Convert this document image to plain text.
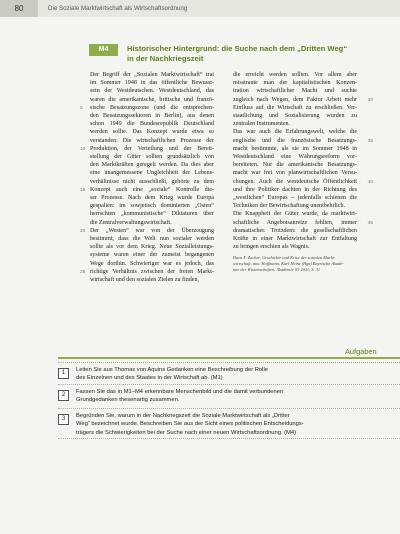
80	Die Soziale Marktwirtschaft als Wirtschaftsordnung
M4	Historischer Hintergrund: die Suche nach dem „Dritten Weg“
in der Nachkriegszeit
Der Begriff der „Sozialen Marktwirtschaft“ trat
im Sommer 1948 in das öffentliche Bewusst-
sein der Westdeutschen. Westdeutschland, das
waren die amerikanische, britische und franzö-
sische Besatzungszone (und die entsprechen-
den Besatzungssektoren in Berlin), aus denen
schon 1949 die Bundesrepublik Deutschland
werden sollte. Das Konzept wurde etwa so
verstanden: Die wirtschaftlichen Prozesse der
Produktion, der Verteilung und der Bereit-
stellung der Güter sollten grundsätzlich von
den Marktkräften geregelt werden. Da dies aber
eine unangemessene Ungleichheit der Lebens-
verhältnisse nicht ausschließt, gehörte zu dem
Konzept auch eine „soziale“ Kontrolle die-
ser Prozesse. Nach dem Krieg wurde Europa
gespalten: im sowjetisch dominierten „Osten“
herrschten „kommunistische“ Diktaturen über
die Zentralverwaltungswirtschaft.
Der „Westen“ war von der Überzeugung
bestimmt, dass die Welt nun sozialer werden
sollte als vor dem Krieg. Neue Sozialleistungs-
systeme waren einer der zumeist begangenen
Wege dorthin. Schwieriger war es jedoch, das
richtige Verhältnis zwischen der freien Markt-
wirtschaft und den sozialen Zielen zu finden,
5
10
15
20
25
die erreicht werden sollten. Vor allem aber
misstraute man der kapitalistischen Konzen-
tration wirtschaftlicher Macht und suchte
zugleich nach Wegen, dem Faktor Arbeit mehr
Einfluss auf die Wirtschaft zu erschließen. Ver-
staatlichung und Sozialisierung wurden zu
zentralen Instrumenten.
Das war auch die Erfahrungswelt, welche die
englische und die französische Besatzungs-
macht bestimmte, als sie im Sommer 1948 in
Westdeutschland eine Währungsreform vor-
bereiteten. Nur die amerikanische Besatzungs-
macht war frei von planwirtschaftlichen Versu-
chungen. Auch die westdeutsche Öffentlichkeit
und ihre Politiker dachten in der Richtung des
„westlichen“ Europas – jedenfalls schienen die
Techniken der Bewirtschaftung unentbehrlich.
Die Knappheit der Güter wurde, da marktwirt-
schaftliche Angebotsanreize fehlten, immer
dramatischer. Trotzdem: die gesellschaftlichen
Kräfte in einer Marktwirtschaft zur Entfaltung
zu bringen erschien als Wagnis.
30
35
40
45
Hans F. Zacher, Geschichte und Krise der sozialen Markt-
wirtschaft, aus: Hoffmann, Karl Heinz (Hgs) Bayrische Akade-
mie der Wissenschaften, Akademie 03-2011, S. 31
Aufgaben
1	Leiten Sie aus Thomas von Aquins Gedanken eine Beschreibung der Rolle
des Einzelnen und des Staates in der Wirtschaft ab. (M1)
2	Fassen Sie das in M1–M4 erkennbare Menschenbild und die damit verbundenen
Grundgedanken thesenartig zusammen.
3	Begründen Sie, warum in der Nachkriegszeit die Soziale Marktwirtschaft als „Dritter
Weg“ bezeichnet wurde. Beschreiben Sie aus der Sicht eines politischen Entscheidungs-
trägers die Schwierigkeiten bei der Suche nach einer neuen Wirtschaftsordnung. (M4)
